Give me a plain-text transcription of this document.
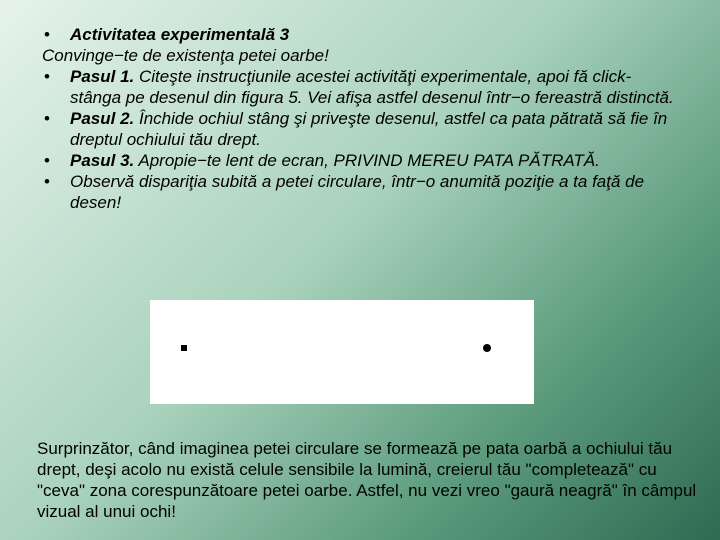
• Activitatea experimentală 3

Convinge−te de existenţa petei oarbe!

• Pasul 1. Citeşte instrucţiunile acestei activităţi experimentale, apoi fă click-stânga pe desenul din figura 5. Vei afişa astfel desenul într−o fereastră distinctă.

• Pasul 2. Închide ochiul stâng şi priveşte desenul, astfel ca pata pătrată să fie în dreptul ochiului tău drept.

• Pasul 3. Apropie−te lent de ecran, PRIVIND MEREU PATA PĂTRATĂ.

• Observă dispariţia subită a petei circulare, într−o anumită poziţie a ta faţă de desen!

Surprinzător, când imaginea petei circulare se formează pe pata oarbă a ochiului tău drept, deşi acolo nu există celule sensibile la lumină, creierul tău "completează" cu "ceva" zona corespunzătoare petei oarbe. Astfel, nu vezi vreo "gaură neagră" în câmpul vizual al unui ochi!
